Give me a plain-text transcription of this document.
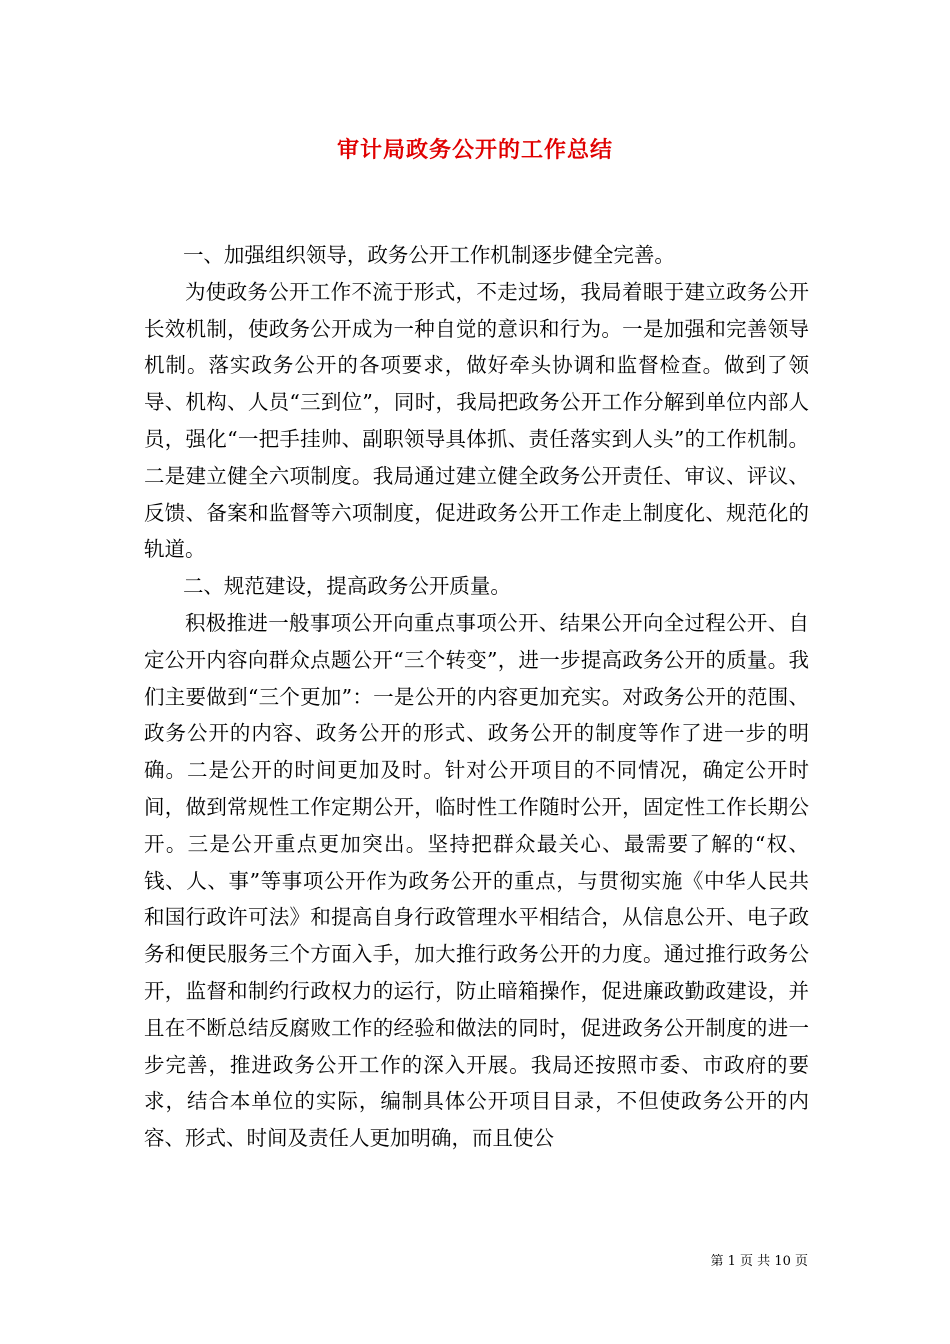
审计局政务公开的工作总结

一、加强组织领导，政务公开工作机制逐步健全完善。

为使政务公开工作不流于形式，不走过场，我局着眼于建立政务公开长效机制，使政务公开成为一种自觉的意识和行为。一是加强和完善领导机制。落实政务公开的各项要求，做好牵头协调和监督检查。做到了领导、机构、人员“三到位”，同时，我局把政务公开工作分解到单位内部人员，强化“一把手挂帅、副职领导具体抓、责任落实到人头”的工作机制。二是建立健全六项制度。我局通过建立健全政务公开责任、审议、评议、反馈、备案和监督等六项制度，促进政务公开工作走上制度化、规范化的轨道。

二、规范建设，提高政务公开质量。

积极推进一般事项公开向重点事项公开、结果公开向全过程公开、自定公开内容向群众点题公开“三个转变”，进一步提高政务公开的质量。我们主要做到“三个更加”：一是公开的内容更加充实。对政务公开的范围、政务公开的内容、政务公开的形式、政务公开的制度等作了进一步的明确。二是公开的时间更加及时。针对公开项目的不同情况，确定公开时间，做到常规性工作定期公开，临时性工作随时公开，固定性工作长期公开。三是公开重点更加突出。坚持把群众最关心、最需要了解的“权、钱、人、事”等事项公开作为政务公开的重点，与贯彻实施《中华人民共和国行政许可法》和提高自身行政管理水平相结合，从信息公开、电子政务和便民服务三个方面入手，加大推行政务公开的力度。通过推行政务公开，监督和制约行政权力的运行，防止暗箱操作，促进廉政勤政建设，并且在不断总结反腐败工作的经验和做法的同时，促进政务公开制度的进一步完善，推进政务公开工作的深入开展。我局还按照市委、市政府的要求，结合本单位的实际，编制具体公开项目目录，不但使政务公开的内容、形式、时间及责任人更加明确，而且使公

第 1 页 共 10 页
